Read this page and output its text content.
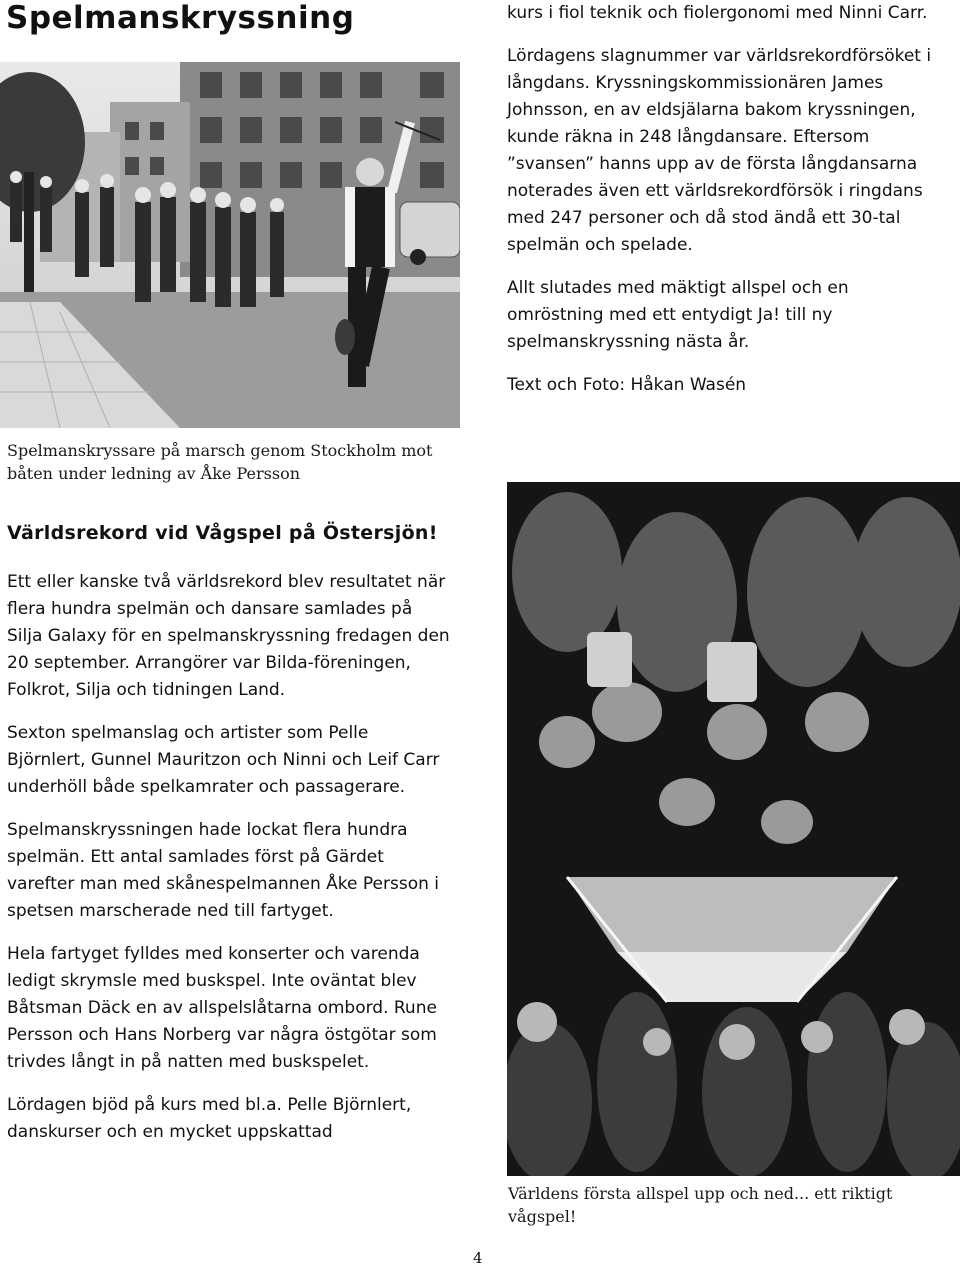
Spelmanskryssning
Spelmanskryssare på marsch genom Stockholm mot båten under ledning av Åke Persson

kurs i fiol teknik och fiolergonomi med Ninni Carr.

Lördagens slagnummer var världsrekordförsöket i långdans. Kryssningskommissionären James Johnsson, en av eldsjälarna bakom kryssningen, kunde räkna in 248 långdansare. Eftersom ”svansen” hanns upp av de första långdansarna noterades även ett världsrekordförsök i ringdans med 247 personer och då stod ändå ett 30-tal spelmän och spelade.

Allt slutades med mäktigt allspel och en omröstning med ett entydigt Ja! till ny spelmanskryssning nästa år.

Text och Foto: Håkan Wasén

Världsrekord vid Vågspel på Östersjön!

Ett eller kanske två världsrekord blev resultatet när flera hundra spelmän och dansare samlades på Silja Galaxy för en spelmanskryssning fredagen den 20 september. Arrangörer var Bilda-föreningen, Folkrot, Silja och tidningen Land.

Sexton spelmanslag och artister som Pelle Björnlert, Gunnel Mauritzon och Ninni och Leif Carr underhöll både spelkamrater och passagerare.

Spelmanskryssningen hade lockat flera hundra spelmän. Ett antal samlades först på Gärdet varefter man med skånespelmannen Åke Persson i spetsen marscherade ned till fartyget.

Hela fartyget fylldes med konserter och varenda ledigt skrymsle med buskspel. Inte oväntat blev Båtsman Däck en av allspelslåtarna ombord. Rune Persson och Hans Norberg var några östgötar som trivdes långt in på natten med buskspelet.

Lördagen bjöd på kurs med bl.a. Pelle Björnlert, danskurser och en mycket uppskattad

Världens första allspel upp och ned... ett riktigt vågspel!
4
